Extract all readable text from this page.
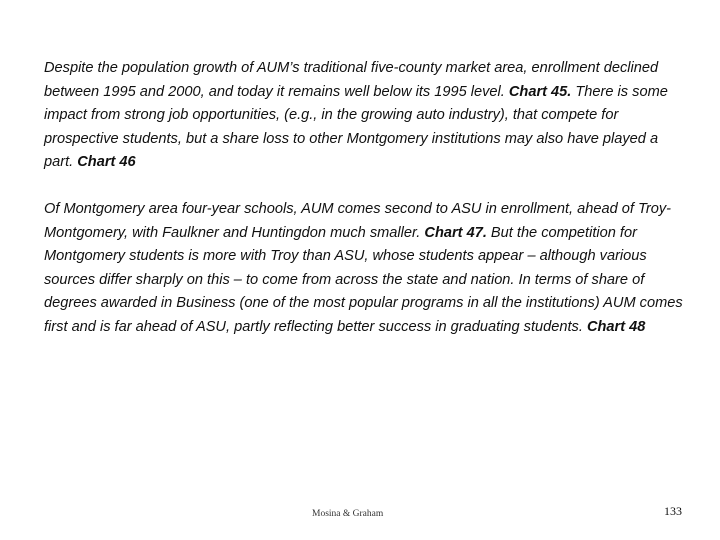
Despite the population growth of AUM’s traditional five-county market area, enrollment declined between 1995 and 2000, and today it remains well below its 1995 level. Chart 45. There is some impact from strong job opportunities, (e.g., in the growing auto industry), that compete for prospective students, but a share loss to other Montgomery institutions may also have played a part. Chart 46

Of Montgomery area four-year schools, AUM comes second to ASU in enrollment, ahead of Troy-Montgomery, with Faulkner and Huntingdon much smaller. Chart 47. But the competition for Montgomery students is more with Troy than ASU, whose students appear – although various sources differ sharply on this – to come from across the state and nation. In terms of share of degrees awarded in Business (one of the most popular programs in all the institutions) AUM comes first and is far ahead of ASU, partly reflecting better success in graduating students. Chart 48

Mosina & Graham	133
